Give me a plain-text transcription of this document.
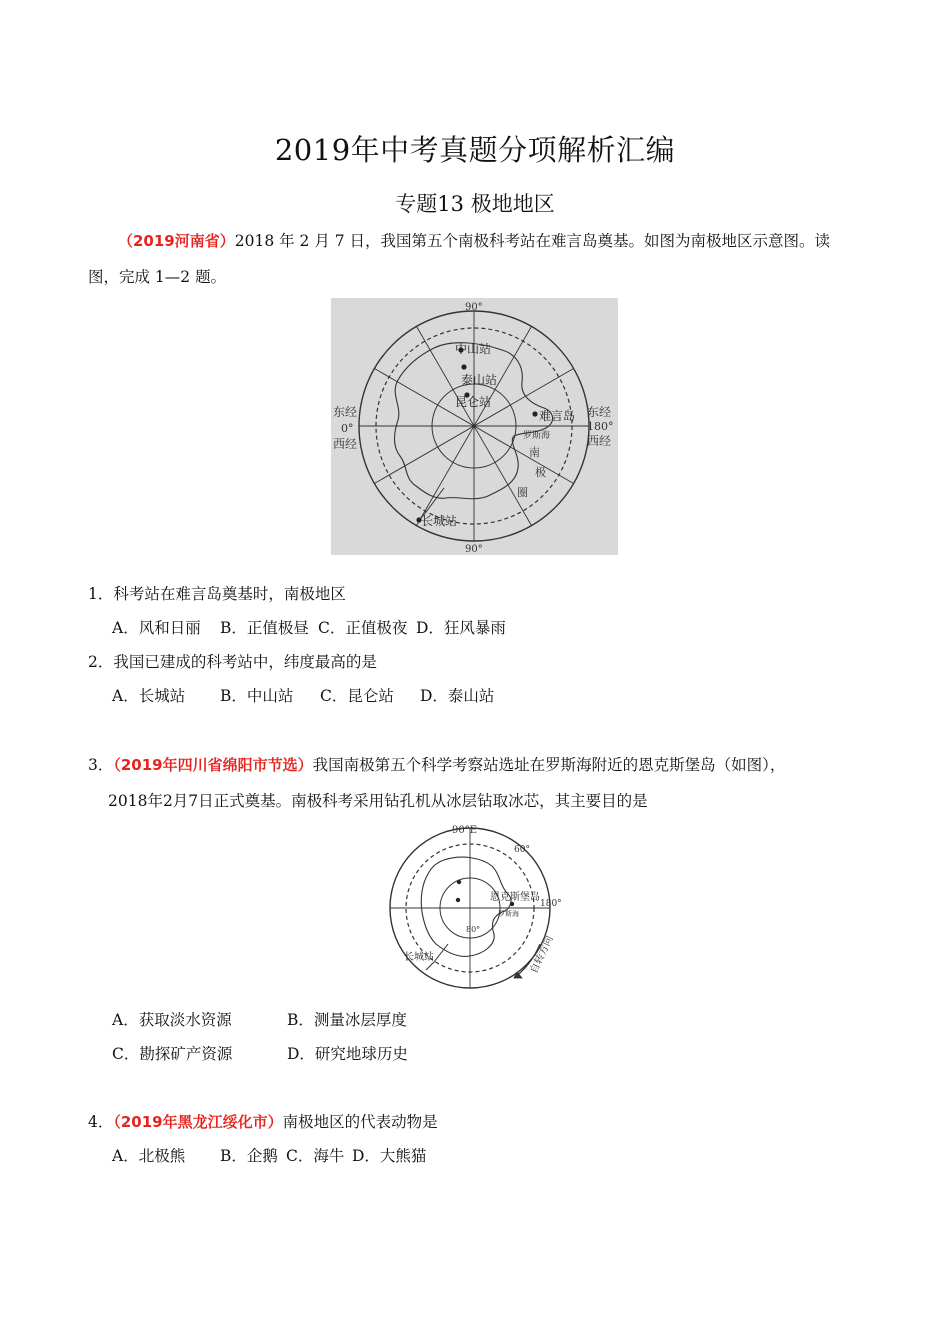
2019年中考真题分项解析汇编
专题13 极地地区
（2019河南省）2018 年 2 月 7 日，我国第五个南极科考站在难言岛奠基。如图为南极地区示意图。读
图，完成 1—2 题。
90°
90°
东经
0°
西经
东经
180°
西经
中山站
泰山站
昆仑站
难言岛
长城站
罗斯海
南
极
圈
1．科考站在难言岛奠基时，南极地区
A．风和日丽 B．正值极昼 C．正值极夜 D．狂风暴雨
2．我国已建成的科考站中，纬度最高的是
A．长城站 B．中山站 C．昆仑站 D．泰山站
3．（2019年四川省绵阳市节选）我国南极第五个科学考察站选址在罗斯海附近的恩克斯堡岛（如图），
2018年2月7日正式奠基。南极科考采用钻孔机从冰层钻取冰芯，其主要目的是
90°E
60°
180°
80°
恩克斯堡岛
罗斯海
长城站	自转方向
A．获取淡水资源	B．测量冰层厚度
C．勘探矿产资源	D．研究地球历史
4．（2019年黑龙江绥化市）南极地区的代表动物是
A．北极熊 B．企鹅 C．海牛 D．大熊猫
